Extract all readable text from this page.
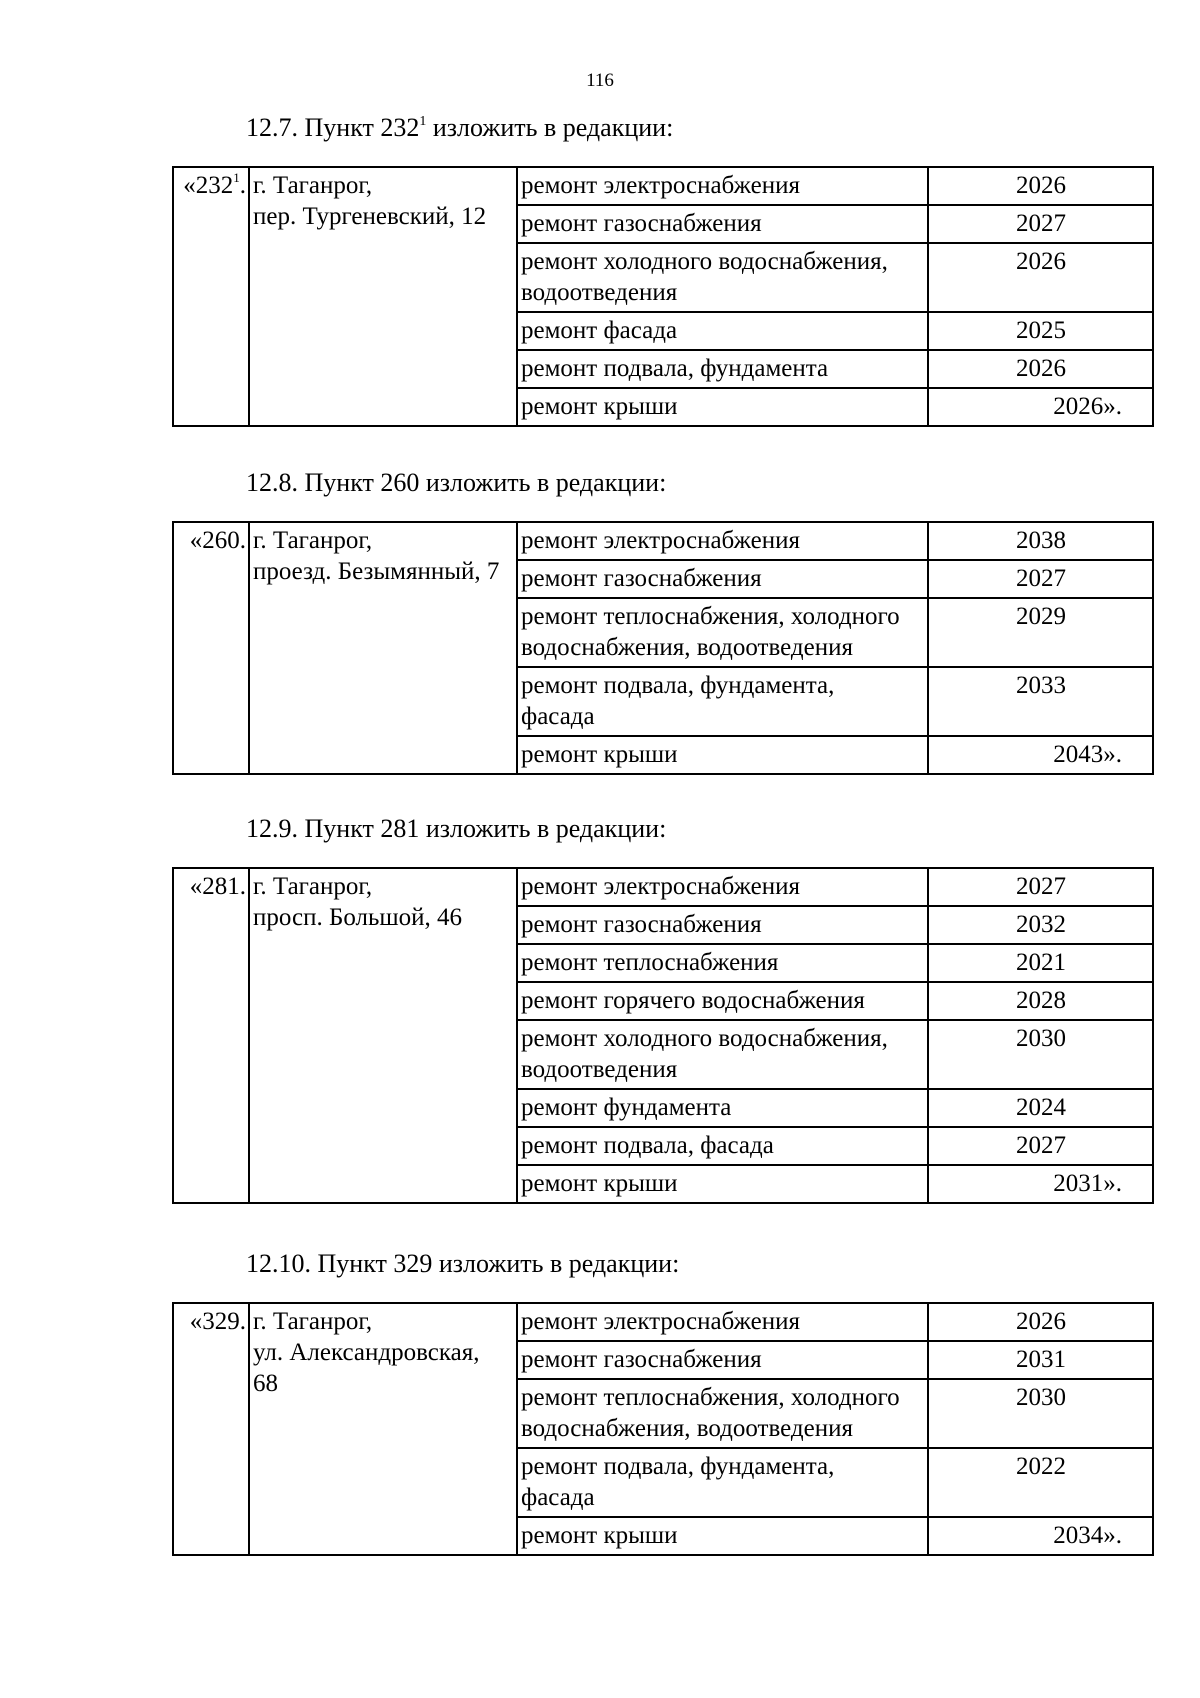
116
12.7. Пункт $232^1$ изложить в редакции:
«$232^1$.	г. Таганрог,
пер. Тургеневский, 12	ремонт электроснабжения	2026
		ремонт газоснабжения	2027
		ремонт холодного водоснабжения,
водоотведения	2026
		ремонт фасада	2025
		ремонт подвала, фундамента	2026
		ремонт крыши	2026».
12.8. Пункт 260 изложить в редакции:
«260.	г. Таганрог,
проезд. Безымянный, 7	ремонт электроснабжения	2038
		ремонт газоснабжения	2027
		ремонт теплоснабжения, холодного
водоснабжения, водоотведения	2029
		ремонт подвала, фундамента,
фасада	2033
		ремонт крыши	2043».
12.9. Пункт 281 изложить в редакции:
«281.	г. Таганрог,
просп. Большой, 46	ремонт электроснабжения	2027
		ремонт газоснабжения	2032
		ремонт теплоснабжения	2021
		ремонт горячего водоснабжения	2028
		ремонт холодного водоснабжения,
водоотведения	2030
		ремонт фундамента	2024
		ремонт подвала, фасада	2027
		ремонт крыши	2031».
12.10. Пункт 329 изложить в редакции:
«329.	г. Таганрог,
ул. Александровская,
68	ремонт электроснабжения	2026
		ремонт газоснабжения	2031
		ремонт теплоснабжения, холодного
водоснабжения, водоотведения	2030
		ремонт подвала, фундамента,
фасада	2022
		ремонт крыши	2034».
